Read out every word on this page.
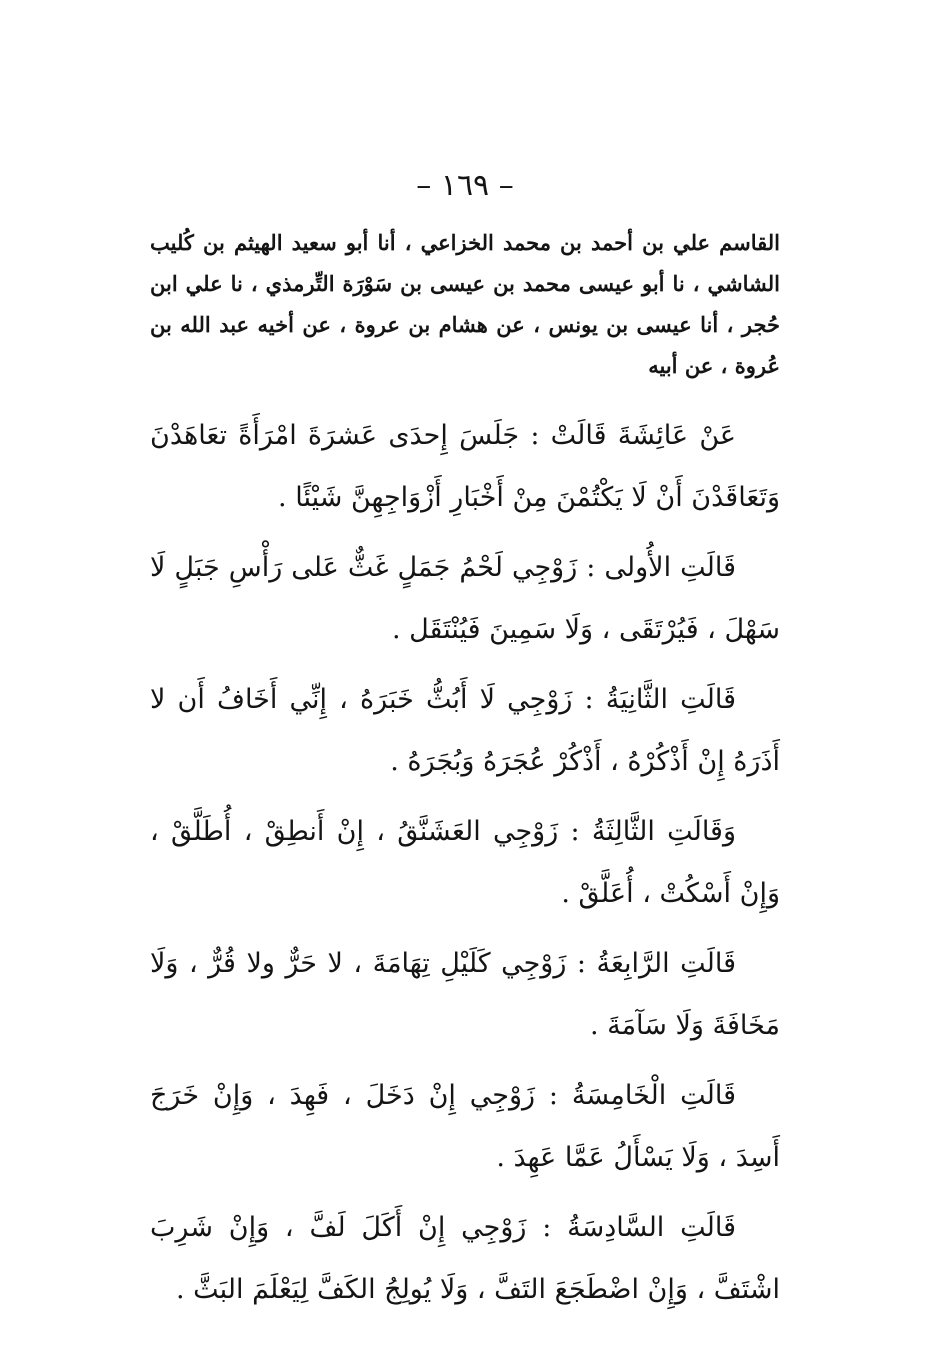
– ١٦٩ –

القاسم علي بن أحمد بن محمد الخزاعي ، أنا أبو سعيد الهيثم بن كُليب الشاشي ، نا أبو عيسى محمد بن عيسى بن سَوْرَة التِّرمذي ، نا علي ابن حُجر ، أنا عيسى بن يونس ، عن هشام بن عروة ، عن أخيه عبد الله بن عُروة ، عن أبيه

عَنْ عَائِشَةَ قَالَتْ : جَلَسَ إِحدَى عَشرَةَ امْرَأَةً تعَاهَدْنَ وَتَعَاقَدْنَ أَنْ لَا يَكْتُمْنَ مِنْ أَخْبَارِ أَزْوَاجِهِنَّ شَيْئًا .

قَالَتِ الأُولى : زَوْجِي لَحْمُ جَمَلٍ غَثٌّ عَلى رَأْسِ جَبَلٍ لَا سَهْلَ ، فَيُرْتَقَى ، وَلَا سَمِينَ فَيُنْتَقَل .

قَالَتِ الثَّانِيَةُ : زَوْجِي لَا أَبُثُّ خَبَرَهُ ، إِنِّي أَخَافُ أَن لا أَذَرَهُ إِنْ أَذْكُرْهُ ، أَذْكُرْ عُجَرَهُ وَبُجَرَهُ .

وَقَالَتِ الثَّالِثَةُ : زَوْجِي العَشَنَّقُ ، إِنْ أَنطِقْ ، أُطَلَّقْ ، وَإِنْ أَسْكُتْ ، أُعَلَّقْ .

قَالَتِ الرَّابِعَةُ : زَوْجِي كَلَيْلِ تِهَامَةَ ، لا حَرٌّ ولا قُرٌّ ، وَلَا مَخَافَةَ وَلَا سَآمَةَ .

قَالَتِ الْخَامِسَةُ : زَوْجِي إِنْ دَخَلَ ، فَهِدَ ، وَإِنْ خَرَجَ أَسِدَ ، وَلَا يَسْأَلُ عَمَّا عَهِدَ .

قَالَتِ السَّادِسَةُ : زَوْجِي إِنْ أَكَلَ لَفَّ ، وَإِنْ شَرِبَ اشْتَفَّ ، وَإِنْ اضْطَجَعَ التَفَّ ، وَلَا يُولِجُ الكَفَّ لِيَعْلَمَ البَثَّ .
